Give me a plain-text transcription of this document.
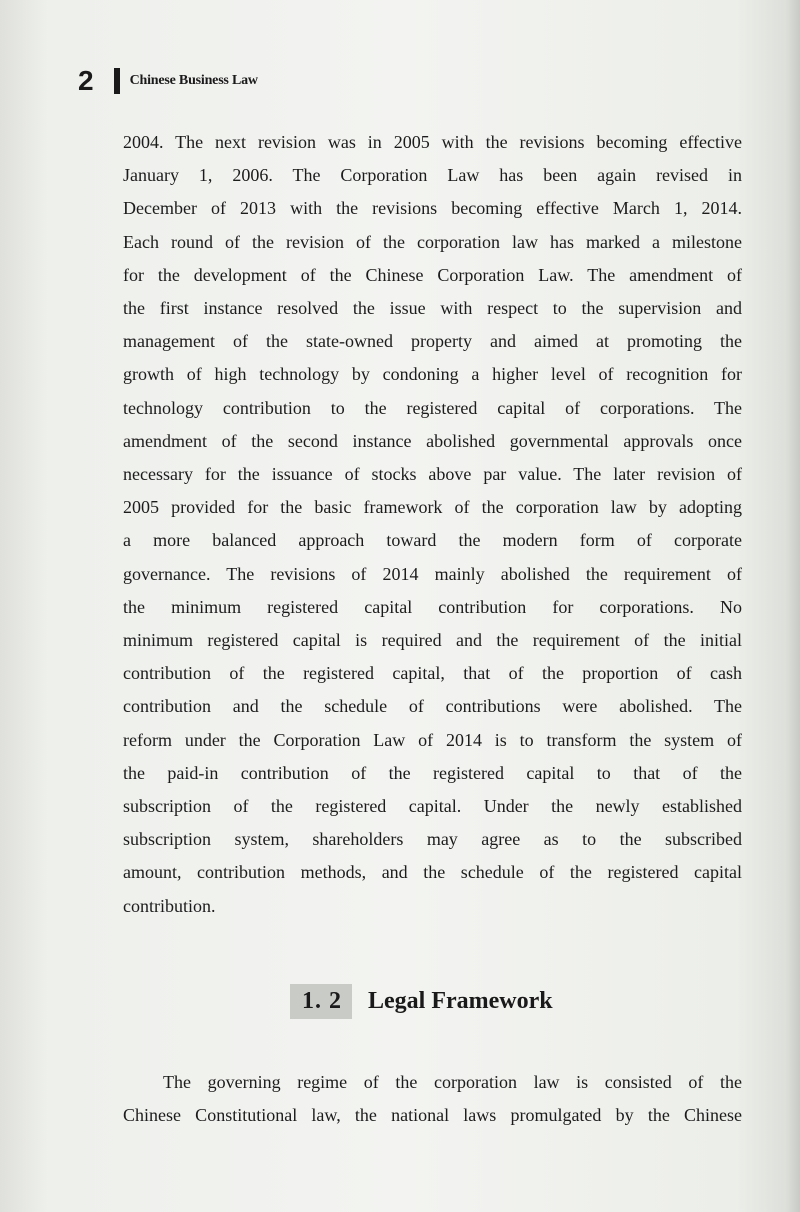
2	Chinese Business Law
2004. The next revision was in 2005 with the revisions becoming effective
January 1, 2006. The Corporation Law has been again revised in
December of 2013 with the revisions becoming effective March 1, 2014.
Each round of the revision of the corporation law has marked a milestone
for the development of the Chinese Corporation Law. The amendment of
the first instance resolved the issue with respect to the supervision and
management of the state-owned property and aimed at promoting the
growth of high technology by condoning a higher level of recognition for
technology contribution to the registered capital of corporations. The
amendment of the second instance abolished governmental approvals once
necessary for the issuance of stocks above par value. The later revision of
2005 provided for the basic framework of the corporation law by adopting
a more balanced approach toward the modern form of corporate
governance. The revisions of 2014 mainly abolished the requirement of
the minimum registered capital contribution for corporations. No
minimum registered capital is required and the requirement of the initial
contribution of the registered capital, that of the proportion of cash
contribution and the schedule of contributions were abolished. The
reform under the Corporation Law of 2014 is to transform the system of
the paid-in contribution of the registered capital to that of the
subscription of the registered capital. Under the newly established
subscription system, shareholders may agree as to the subscribed
amount, contribution methods, and the schedule of the registered capital
contribution.
1. 2	Legal Framework
The governing regime of the corporation law is consisted of the
Chinese Constitutional law, the national laws promulgated by the Chinese
